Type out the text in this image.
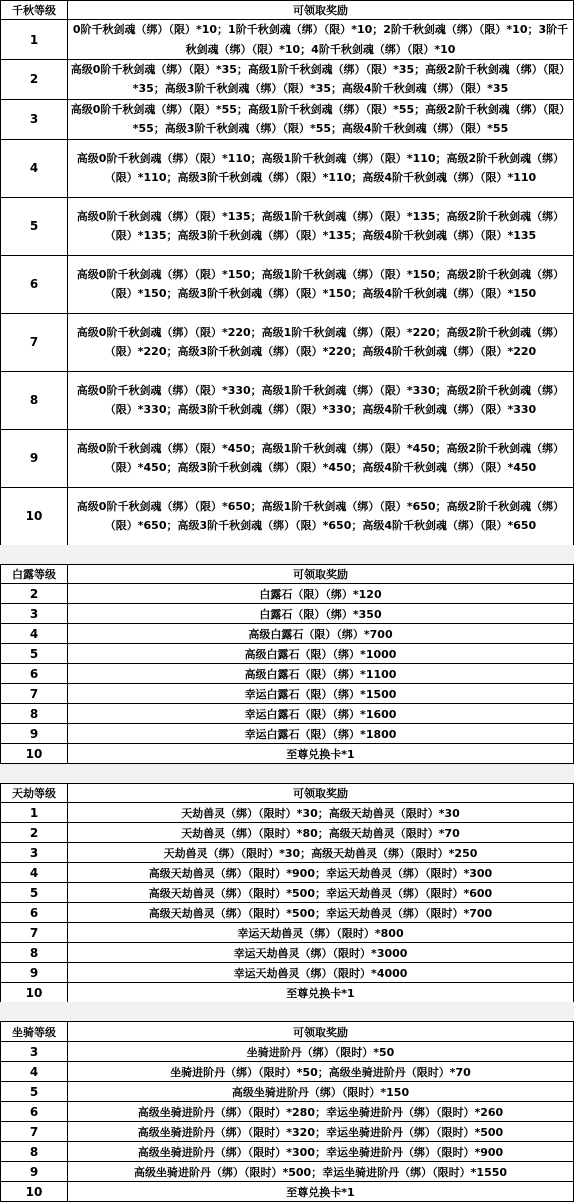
千秋等级	可领取奖励
1	0阶千秋剑魂（绑）（限）*10；1阶千秋剑魂（绑）（限）*10；2阶千秋剑魂（绑）（限）*10；3阶千秋剑魂（绑）（限）*10；4阶千秋剑魂（绑）（限）*10
2	高级0阶千秋剑魂（绑）（限）*35；高级1阶千秋剑魂（绑）（限）*35；高级2阶千秋剑魂（绑）（限）*35；高级3阶千秋剑魂（绑）（限）*35；高级4阶千秋剑魂（绑）（限）*35
3	高级0阶千秋剑魂（绑）（限）*55；高级1阶千秋剑魂（绑）（限）*55；高级2阶千秋剑魂（绑）（限）*55；高级3阶千秋剑魂（绑）（限）*55；高级4阶千秋剑魂（绑）（限）*55
4	高级0阶千秋剑魂（绑）（限）*110；高级1阶千秋剑魂（绑）（限）*110；高级2阶千秋剑魂（绑）（限）*110；高级3阶千秋剑魂（绑）（限）*110；高级4阶千秋剑魂（绑）（限）*110
5	高级0阶千秋剑魂（绑）（限）*135；高级1阶千秋剑魂（绑）（限）*135；高级2阶千秋剑魂（绑）（限）*135；高级3阶千秋剑魂（绑）（限）*135；高级4阶千秋剑魂（绑）（限）*135
6	高级0阶千秋剑魂（绑）（限）*150；高级1阶千秋剑魂（绑）（限）*150；高级2阶千秋剑魂（绑）（限）*150；高级3阶千秋剑魂（绑）（限）*150；高级4阶千秋剑魂（绑）（限）*150
7	高级0阶千秋剑魂（绑）（限）*220；高级1阶千秋剑魂（绑）（限）*220；高级2阶千秋剑魂（绑）（限）*220；高级3阶千秋剑魂（绑）（限）*220；高级4阶千秋剑魂（绑）（限）*220
8	高级0阶千秋剑魂（绑）（限）*330；高级1阶千秋剑魂（绑）（限）*330；高级2阶千秋剑魂（绑）（限）*330；高级3阶千秋剑魂（绑）（限）*330；高级4阶千秋剑魂（绑）（限）*330
9	高级0阶千秋剑魂（绑）（限）*450；高级1阶千秋剑魂（绑）（限）*450；高级2阶千秋剑魂（绑）（限）*450；高级3阶千秋剑魂（绑）（限）*450；高级4阶千秋剑魂（绑）（限）*450
10	高级0阶千秋剑魂（绑）（限）*650；高级1阶千秋剑魂（绑）（限）*650；高级2阶千秋剑魂（绑）（限）*650；高级3阶千秋剑魂（绑）（限）*650；高级4阶千秋剑魂（绑）（限）*650
白露等级	可领取奖励
2	白露石（限）（绑）*120
3	白露石（限）（绑）*350
4	高级白露石（限）（绑）*700
5	高级白露石（限）（绑）*1000
6	高级白露石（限）（绑）*1100
7	幸运白露石（限）（绑）*1500
8	幸运白露石（限）（绑）*1600
9	幸运白露石（限）（绑）*1800
10	至尊兑换卡*1
天劫等级	可领取奖励
1	天劫兽灵（绑）（限时）*30；高级天劫兽灵（限时）*30
2	天劫兽灵（绑）（限时）*80；高级天劫兽灵（限时）*70
3	天劫兽灵（绑）（限时）*30；高级天劫兽灵（绑）（限时）*250
4	高级天劫兽灵（绑）（限时）*900；幸运天劫兽灵（绑）（限时）*300
5	高级天劫兽灵（绑）（限时）*500；幸运天劫兽灵（绑）（限时）*600
6	高级天劫兽灵（绑）（限时）*500；幸运天劫兽灵（绑）（限时）*700
7	幸运天劫兽灵（绑）（限时）*800
8	幸运天劫兽灵（绑）（限时）*3000
9	幸运天劫兽灵（绑）（限时）*4000
10	至尊兑换卡*1
坐骑等级	可领取奖励
3	坐骑进阶丹（绑）（限时）*50
4	坐骑进阶丹（绑）（限时）*50；高级坐骑进阶丹（限时）*70
5	高级坐骑进阶丹（绑）（限时）*150
6	高级坐骑进阶丹（绑）（限时）*280；幸运坐骑进阶丹（绑）（限时）*260
7	高级坐骑进阶丹（绑）（限时）*320；幸运坐骑进阶丹（绑）（限时）*500
8	高级坐骑进阶丹（绑）（限时）*300；幸运坐骑进阶丹（绑）（限时）*900
9	高级坐骑进阶丹（绑）（限时）*500；幸运坐骑进阶丹（绑）（限时）*1550
10	至尊兑换卡*1
